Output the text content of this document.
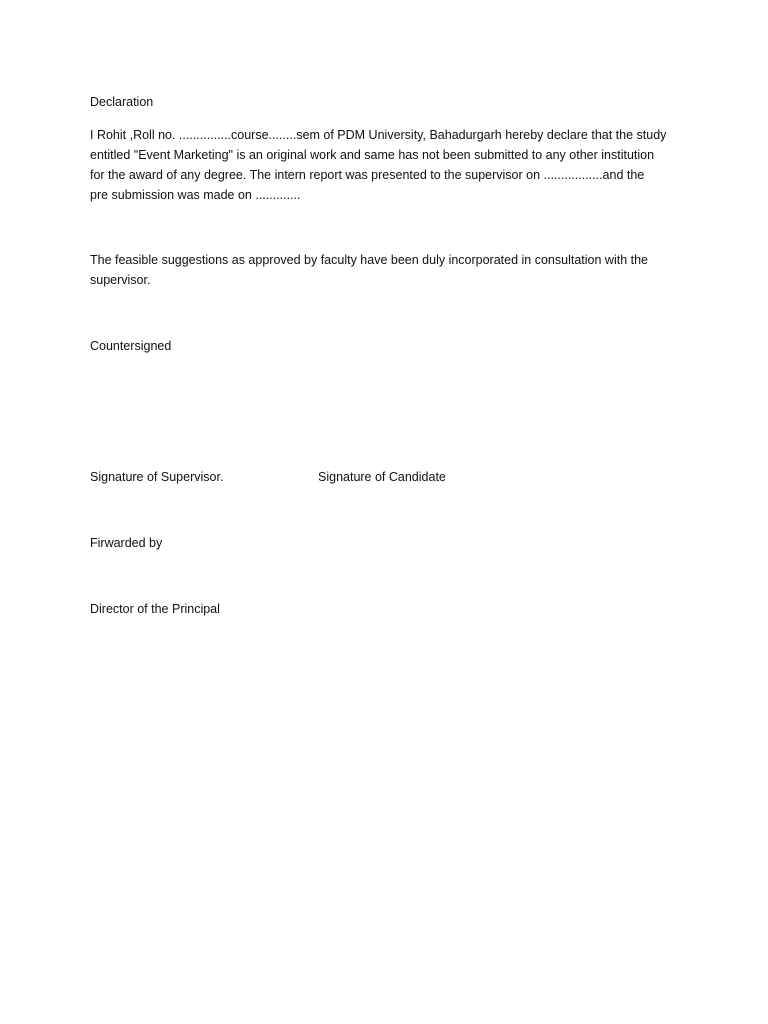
Declaration
I Rohit ,Roll no. ...............course........sem of PDM University, Bahadurgarh hereby declare that the study
entitled "Event Marketing" is an original work and same has not been submitted to any other institution
for the award of any degree. The intern report was presented to the supervisor on .................and the
pre submission was made on .............
The feasible suggestions as approved by faculty have been duly incorporated in consultation with the
supervisor.
Countersigned
Signature of Supervisor.	Signature of Candidate
Firwarded by
Director of the Principal
